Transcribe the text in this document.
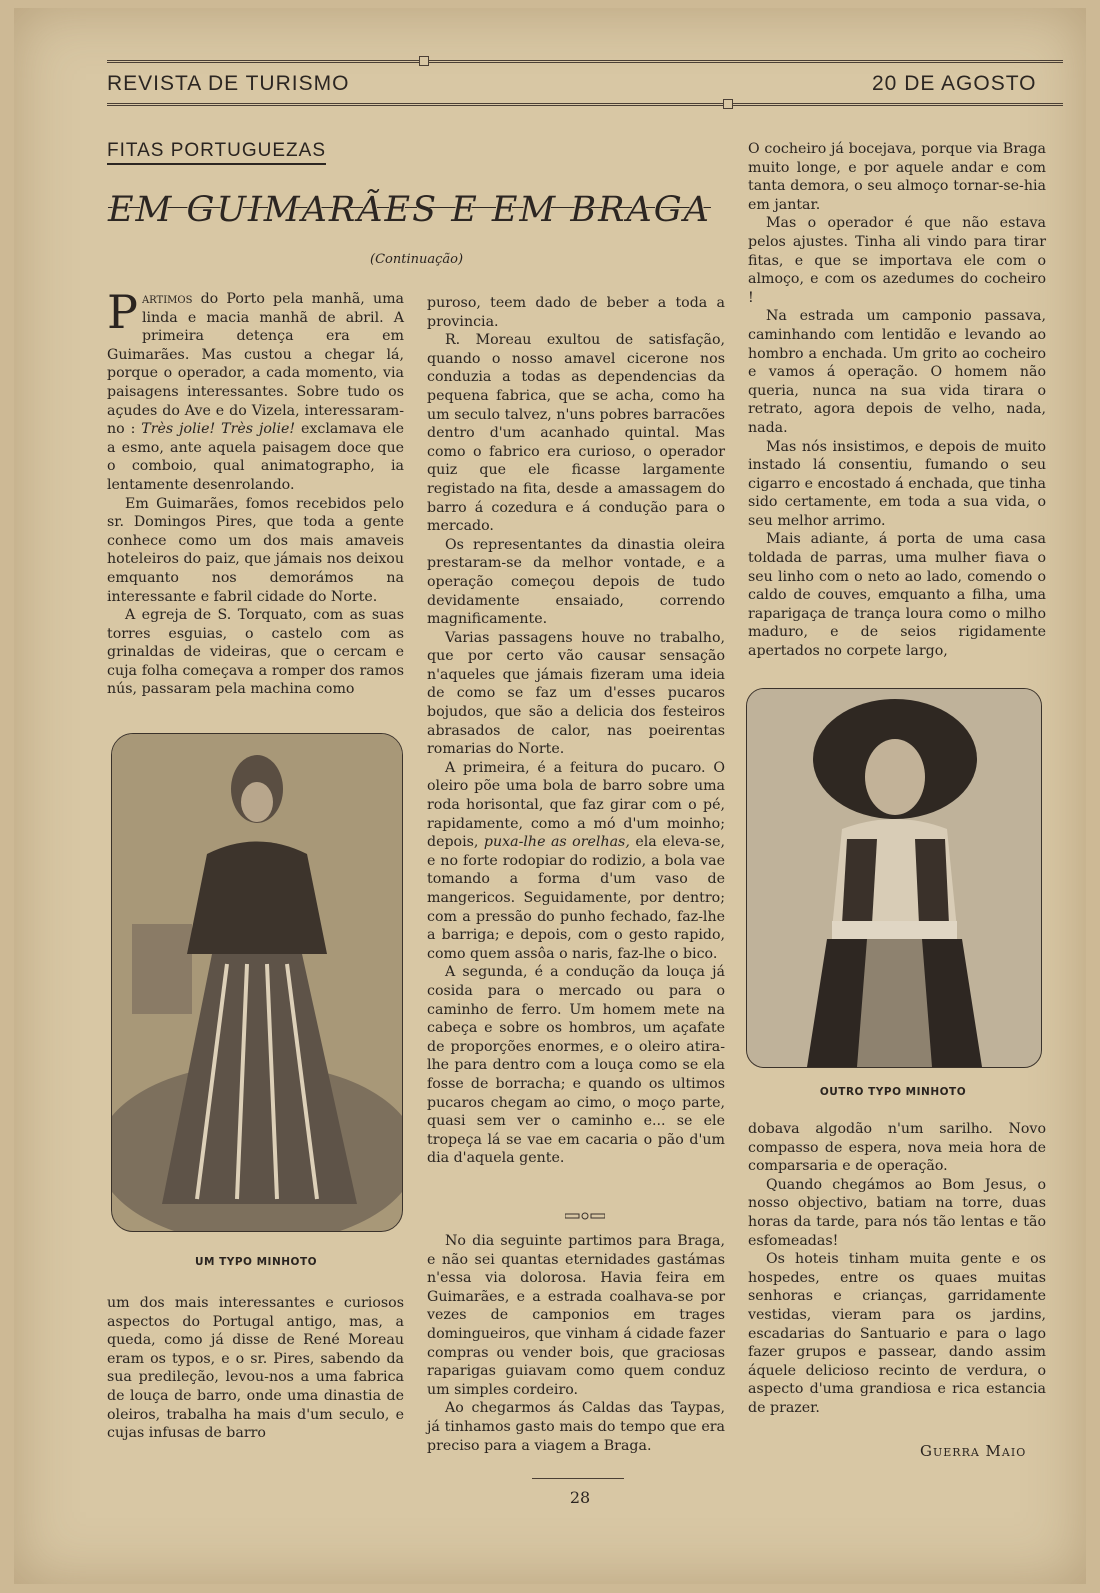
REVISTA DE TURISMO	20 DE AGOSTO
FITAS PORTUGUEZAS
EM GUIMARÃES E EM BRAGA
(Continuação)

Partimos do Porto pela manhã, uma linda e macia manhã de abril. A primeira detença era em Guimarães. Mas custou a chegar lá, porque o operador, a cada momento, via paisagens interessantes. Sobre tudo os açudes do Ave e do Vizela, interessaram-no : Très jolie! Très jolie! exclamava ele a esmo, ante aquela paisagem doce que o comboio, qual animatographo, ia lentamente desenrolando.

Em Guimarães, fomos recebidos pelo sr. Domingos Pires, que toda a gente conhece como um dos mais amaveis hoteleiros do paiz, que jámais nos deixou emquanto nos demorámos na interessante e fabril cidade do Norte.

A egreja de S. Torquato, com as suas torres esguias, o castelo com as grinaldas de videiras, que o cercam e cuja folha começava a romper dos ramos nús, passaram pela machina como

UM TYPO MINHOTO

um dos mais interessantes e curiosos aspectos do Portugal antigo, mas, a queda, como já disse de René Moreau eram os typos, e o sr. Pires, sabendo da sua predileção, levou-nos a uma fabrica de louça de barro, onde uma dinastia de oleiros, trabalha ha mais d'um seculo, e cujas infusas de barro

puroso, teem dado de beber a toda a provincia.

R. Moreau exultou de satisfação, quando o nosso amavel cicerone nos conduzia a todas as dependencias da pequena fabrica, que se acha, como ha um seculo talvez, n'uns pobres barracões dentro d'um acanhado quintal. Mas como o fabrico era curioso, o operador quiz que ele ficasse largamente registado na fita, desde a amassagem do barro á cozedura e á condução para o mercado.

Os representantes da dinastia oleira prestaram-se da melhor vontade, e a operação começou depois de tudo devidamente ensaiado, correndo magnificamente.

Varias passagens houve no trabalho, que por certo vão causar sensação n'aqueles que jámais fizeram uma ideia de como se faz um d'esses pucaros bojudos, que são a delicia dos festeiros abrasados de calor, nas poeirentas romarias do Norte.

A primeira, é a feitura do pucaro. O oleiro põe uma bola de barro sobre uma roda horisontal, que faz girar com o pé, rapidamente, como a mó d'um moinho; depois, puxa-lhe as orelhas, ela eleva-se, e no forte rodopiar do rodizio, a bola vae tomando a forma d'um vaso de mangericos. Seguidamente, por dentro; com a pressão do punho fechado, faz-lhe a barriga; e depois, com o gesto rapido, como quem assôa o naris, faz-lhe o bico.

A segunda, é a condução da louça já cosida para o mercado ou para o caminho de ferro. Um homem mete na cabeça e sobre os hombros, um açafate de proporções enormes, e o oleiro atira-lhe para dentro com a louça como se ela fosse de borracha; e quando os ultimos pucaros chegam ao cimo, o moço parte, quasi sem ver o caminho e... se ele tropeça lá se vae em cacaria o pão d'um dia d'aquela gente.

No dia seguinte partimos para Braga, e não sei quantas eternidades gastámas n'essa via dolorosa. Havia feira em Guimarães, e a estrada coalhava-se por vezes de camponios em trages domingueiros, que vinham á cidade fazer compras ou vender bois, que graciosas raparigas guiavam como quem conduz um simples cordeiro.

Ao chegarmos ás Caldas das Taypas, já tinhamos gasto mais do tempo que era preciso para a viagem a Braga.

O cocheiro já bocejava, porque via Braga muito longe, e por aquele andar e com tanta demora, o seu almoço tornar-se-hia em jantar.

Mas o operador é que não estava pelos ajustes. Tinha ali vindo para tirar fitas, e que se importava ele com o almoço, e com os azedumes do cocheiro !

Na estrada um camponio passava, caminhando com lentidão e levando ao hombro a enchada. Um grito ao cocheiro e vamos á operação. O homem não queria, nunca na sua vida tirara o retrato, agora depois de velho, nada, nada.

Mas nós insistimos, e depois de muito instado lá consentiu, fumando o seu cigarro e encostado á enchada, que tinha sido certamente, em toda a sua vida, o seu melhor arrimo.

Mais adiante, á porta de uma casa toldada de parras, uma mulher fiava o seu linho com o neto ao lado, comendo o caldo de couves, emquanto a filha, uma raparigaça de trança loura como o milho maduro, e de seios rigidamente apertados no corpete largo,

OUTRO TYPO MINHOTO

dobava algodão n'um sarilho. Novo compasso de espera, nova meia hora de comparsaria e de operação.

Quando chegámos ao Bom Jesus, o nosso objectivo, batiam na torre, duas horas da tarde, para nós tão lentas e tão esfomeadas!

Os hoteis tinham muita gente e os hospedes, entre os quaes muitas senhoras e crianças, garridamente vestidas, vieram para os jardins, escadarias do Santuario e para o lago fazer grupos e passear, dando assim áquele delicioso recinto de verdura, o aspecto d'uma grandiosa e rica estancia de prazer.

Guerra Maio
28
